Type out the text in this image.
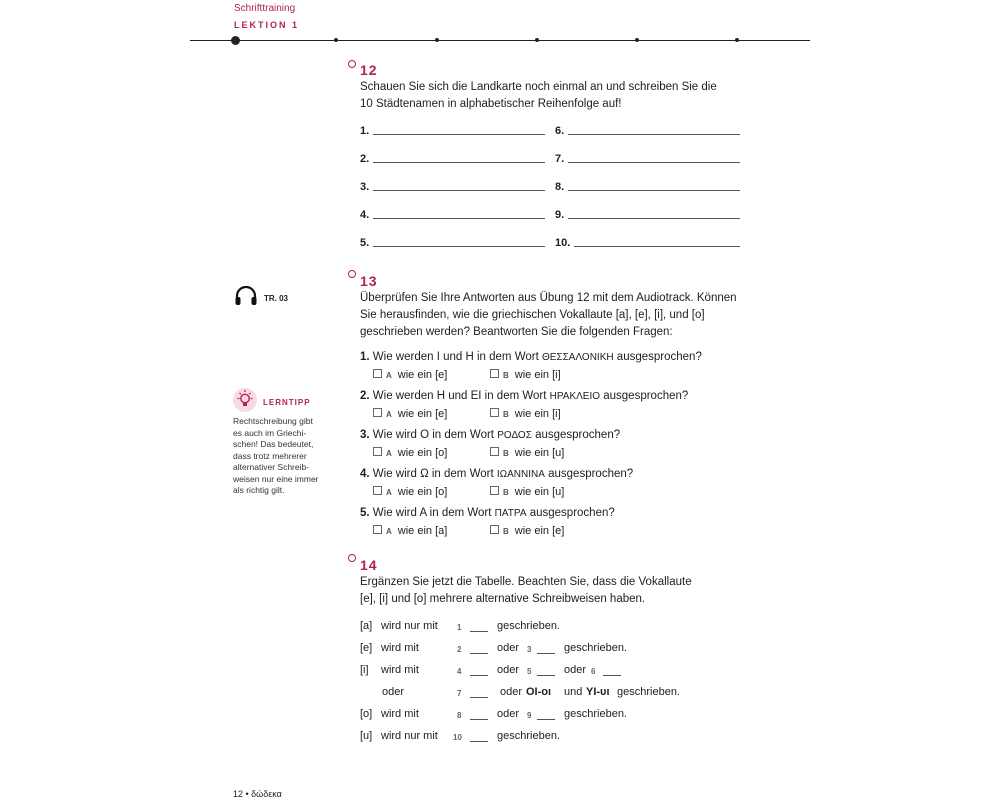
Schrifttraining
LEKTION 1
12
Schauen Sie sich die Landkarte noch einmal an und schreiben Sie die
10 Städtenamen in alphabetischer Reihenfolge auf!
1.
2.
3.
4.
5.
6.
7.
8.
9.
10.
13
TR. 03	Überprüfen Sie Ihre Antworten aus Übung 12 mit dem Audiotrack. Können
Sie herausfinden, wie die griechischen Vokallaute [a], [e], [i], und [o]
geschrieben werden? Beantworten Sie die folgenden Fragen:
1. Wie werden I und H in dem Wort ΘΕΣΣΑΛΟΝΙΚΗ ausgesprochen?
A wie ein [e]	B wie ein [i]
2. Wie werden H und EI in dem Wort ΗΡΑΚΛΕΙΟ ausgesprochen?
A wie ein [e]	B wie ein [i]
3. Wie wird O in dem Wort ΡΟΔΟΣ ausgesprochen?
A wie ein [o]	B wie ein [u]
4. Wie wird Ω in dem Wort ΙΩΑΝΝΙΝΑ ausgesprochen?
A wie ein [o]	B wie ein [u]
5. Wie wird A in dem Wort ΠΑΤΡΑ ausgesprochen?
A wie ein [a]	B wie ein [e]
LERNTIPP
Rechtschreibung gibt
es auch im Griechi-
schen! Das bedeutet,
dass trotz mehrerer
alternativer Schreib-
weisen nur eine immer
als richtig gilt.
14
Ergänzen Sie jetzt die Tabelle. Beachten Sie, dass die Vokallaute
[e], [i] und [o] mehrere alternative Schreibweisen haben.
[a] wird nur mit 1	geschrieben.
[e] wird mit	2	oder 3	geschrieben.
[i] wird mit	4	oder 5	oder 6
oder	7	oder ΟΙ-οι und ΥΙ-υι geschrieben.
[o] wird mit	8	oder 9	geschrieben.
[u] wird nur mit 10	geschrieben.
12 • δώδεκα
